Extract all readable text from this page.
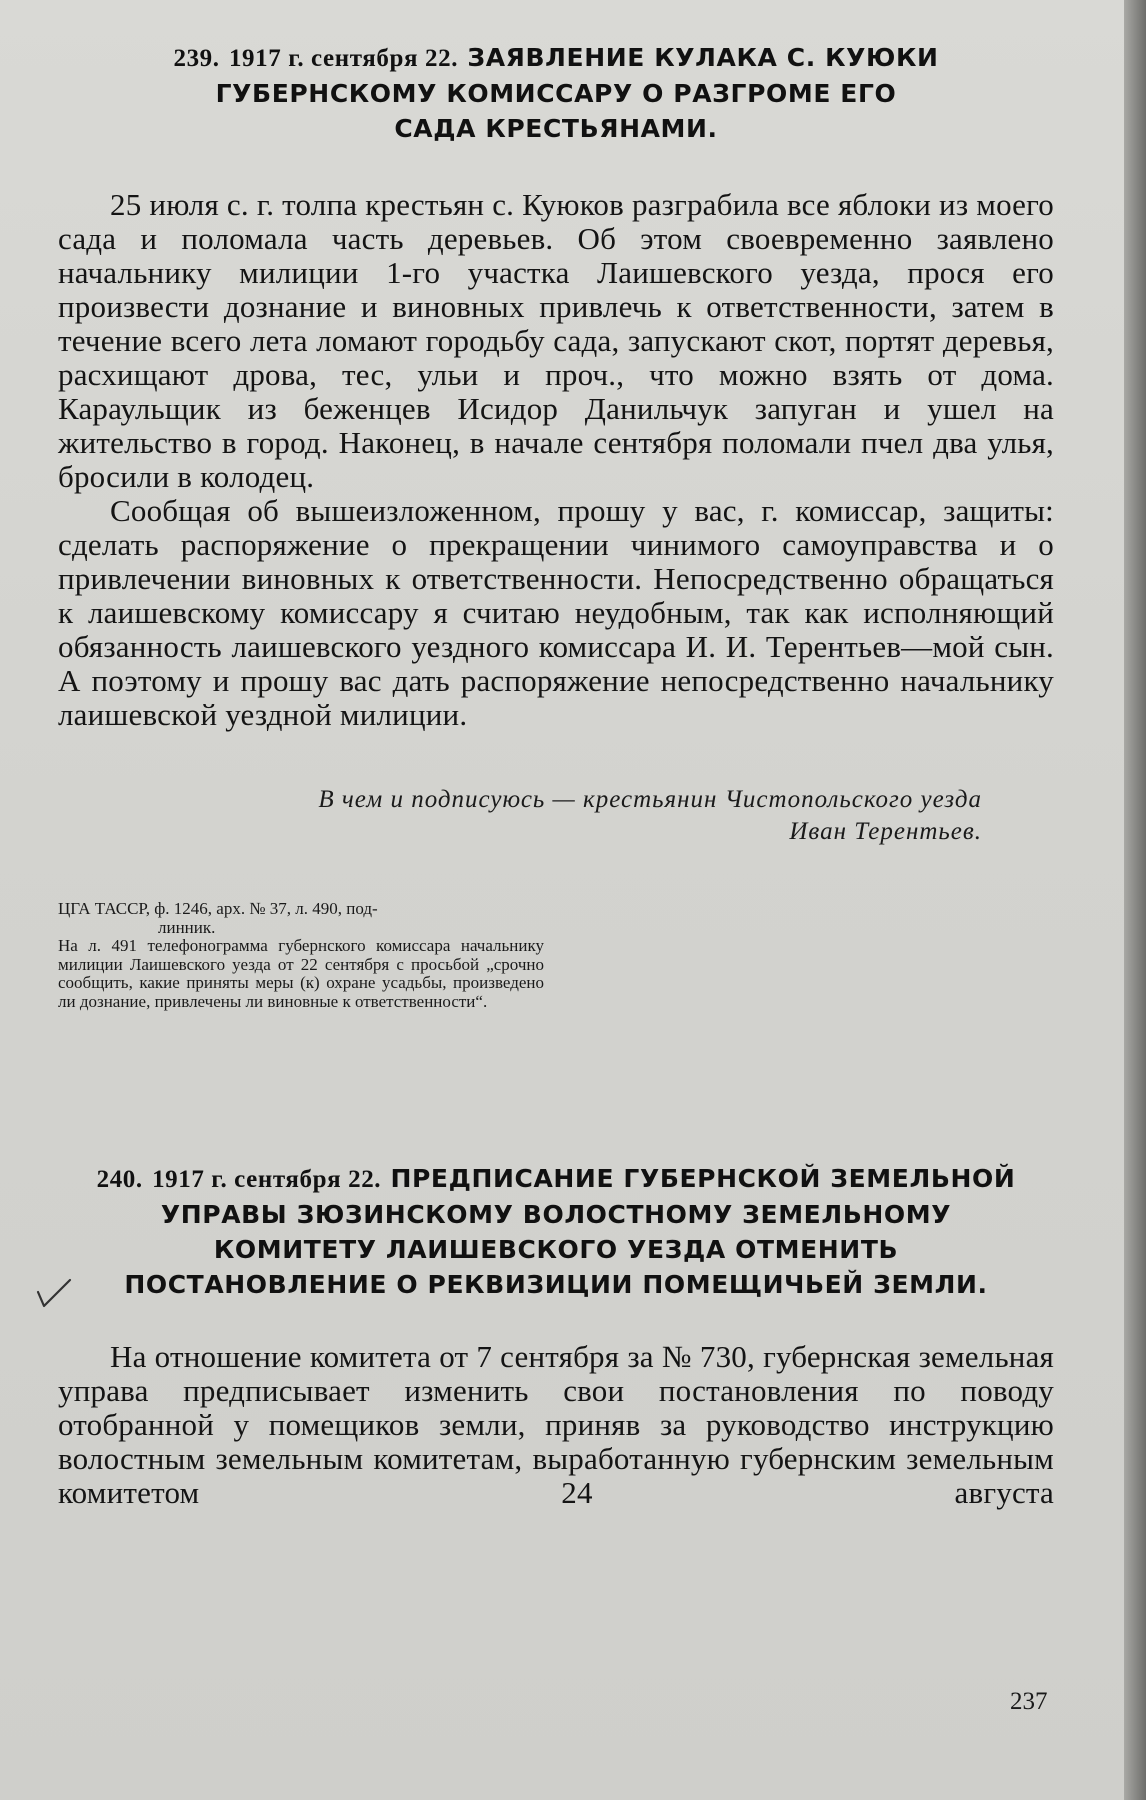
239. 1917 г. сентября 22. ЗАЯВЛЕНИЕ КУЛАКА С. КУЮКИ
ГУБЕРНСКОМУ КОМИССАРУ О РАЗГРОМЕ ЕГО
САДА КРЕСТЬЯНАМИ.

25 июля с. г. толпа крестьян с. Куюков разграбила все яблоки из моего сада и поломала часть деревьев. Об этом своевременно заявлено начальнику милиции 1-го участка Лаишевского уезда, прося его произвести дознание и виновных привлечь к ответственности, затем в течение всего лета ломают городьбу сада, запускают скот, портят деревья, расхищают дрова, тес, ульи и проч., что можно взять от дома. Караульщик из беженцев Исидор Данильчук запуган и ушел на жительство в город. Наконец, в начале сентября поломали пчел два улья, бросили в колодец.

Сообщая об вышеизложенном, прошу у вас, г. комиссар, защиты: сделать распоряжение о прекращении чинимого самоуправства и о привлечении виновных к ответственности. Непосредственно обращаться к лаишевскому комиссару я считаю неудобным, так как исполняющий обязанность лаишевского уездного комиссара И. И. Терентьев—мой сын. А поэтому и прошу вас дать распоряжение непосредственно начальнику лаишевской уездной милиции.

В чем и подписуюсь — крестьянин Чистопольского уезда
Иван Терентьев.
ЦГА ТАССР, ф. 1246, арх. № 37, л. 490, под-
линник.
На л. 491 телефонограмма губернского комиссара начальнику милиции Лаишевского уезда от 22 сентября с просьбой „срочно сообщить, какие приняты меры (к) охране усадьбы, произведено ли дознание, привлечены ли виновные к ответственности“.
240. 1917 г. сентября 22. ПРЕДПИСАНИЕ ГУБЕРНСКОЙ ЗЕМЕЛЬНОЙ
УПРАВЫ ЗЮЗИНСКОМУ ВОЛОСТНОМУ ЗЕМЕЛЬНОМУ
КОМИТЕТУ ЛАИШЕВСКОГО УЕЗДА ОТМЕНИТЬ
ПОСТАНОВЛЕНИЕ О РЕКВИЗИЦИИ ПОМЕЩИЧЬЕЙ ЗЕМЛИ.

На отношение комитета от 7 сентября за № 730, губернская земельная управа предписывает изменить свои постановления по поводу отобранной у помещиков земли, приняв за руководство инструкцию волостным земельным комитетам, выработанную губернским земельным комитетом 24 августа

237
